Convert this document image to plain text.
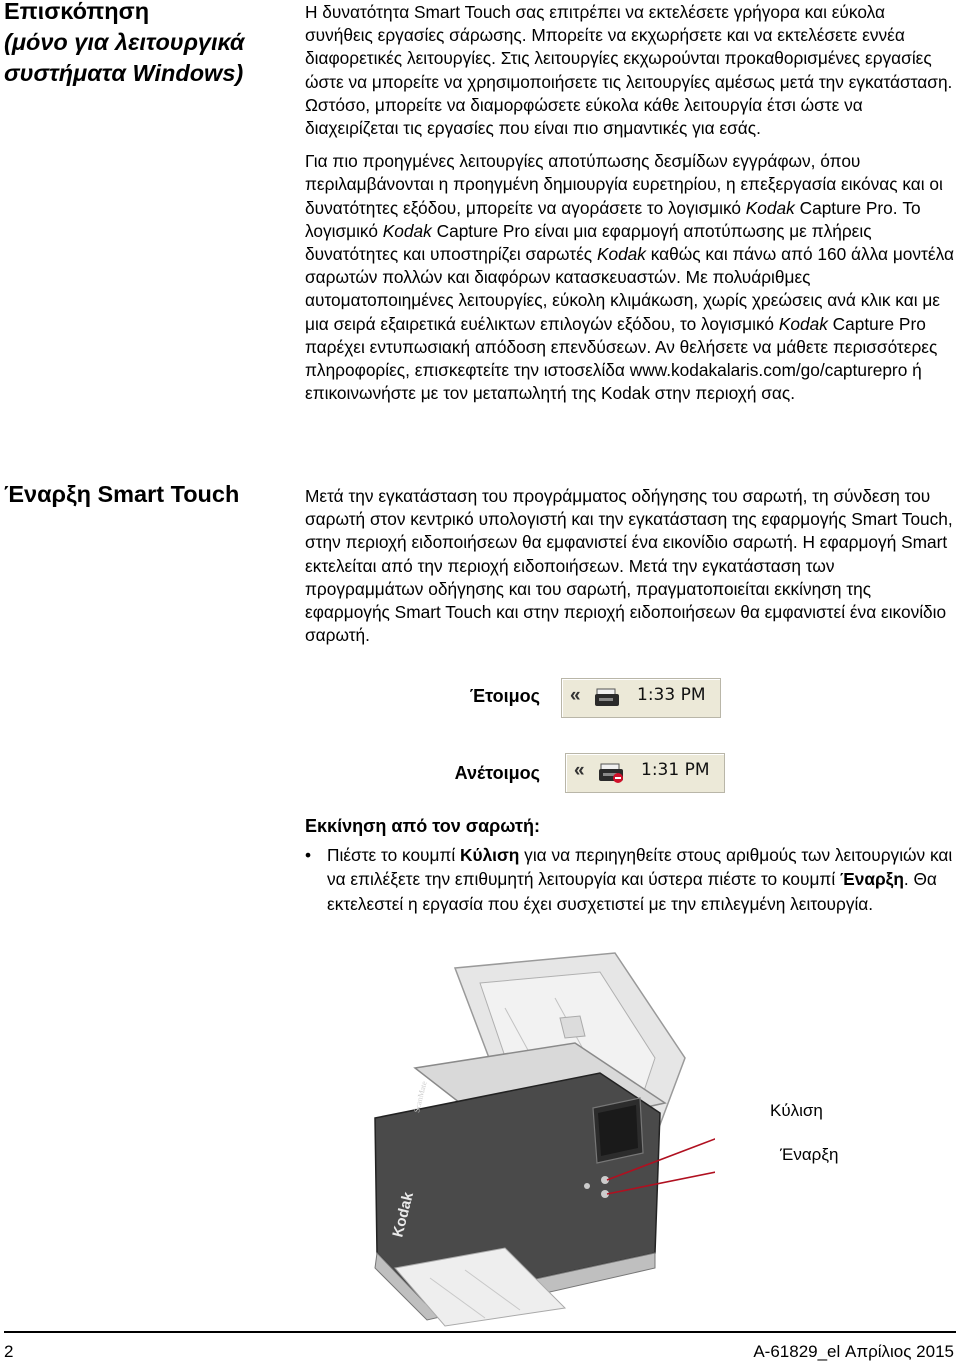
Επισκόπηση
(μόνο για λειτουργικά
συστήματα Windows)

Η δυνατότητα Smart Touch σας επιτρέπει να εκτελέσετε γρήγορα και εύκολα συνήθεις εργασίες σάρωσης. Μπορείτε να εκχωρήσετε και να εκτελέσετε εννέα διαφορετικές λειτουργίες. Στις λειτουργίες εκχωρούνται προκαθορισμένες εργασίες ώστε να μπορείτε να χρησιμοποιήσετε τις λειτουργίες αμέσως μετά την εγκατάσταση. Ωστόσο, μπορείτε να διαμορφώσετε εύκολα κάθε λειτουργία έτσι ώστε να διαχειρίζεται τις εργασίες που είναι πιο σημαντικές για εσάς.

Για πιο προηγμένες λειτουργίες αποτύπωσης δεσμίδων εγγράφων, όπου περιλαμβάνονται η προηγμένη δημιουργία ευρετηρίου, η επεξεργασία εικόνας και οι δυνατότητες εξόδου, μπορείτε να αγοράσετε το λογισμικό Kodak Capture Pro. Το λογισμικό Kodak Capture Pro είναι μια εφαρμογή αποτύπωσης με πλήρεις δυνατότητες και υποστηρίζει σαρωτές Kodak καθώς και πάνω από 160 άλλα μοντέλα σαρωτών πολλών και διαφόρων κατασκευαστών. Με πολυάριθμες αυτοματοποιημένες λειτουργίες, εύκολη κλιμάκωση, χωρίς χρεώσεις ανά κλικ και με μια σειρά εξαιρετικά ευέλικτων επιλογών εξόδου, το λογισμικό Kodak Capture Pro παρέχει εντυπωσιακή απόδοση επενδύσεων. Αν θελήσετε να μάθετε περισσότερες πληροφορίες, επισκεφτείτε την ιστοσελίδα www.kodakalaris.com/go/capturepro ή επικοινωνήστε με τον μεταπωλητή της Kodak στην περιοχή σας.

Έναρξη Smart Touch	Μετά την εγκατάσταση του προγράμματος οδήγησης του σαρωτή, τη σύνδεση του σαρωτή στον κεντρικό υπολογιστή και την εγκατάσταση της εφαρμογής Smart Touch, στην περιοχή ειδοποιήσεων θα εμφανιστεί ένα εικονίδιο σαρωτή. Η εφαρμογή Smart εκτελείται από την περιοχή ειδοποιήσεων. Μετά την εγκατάσταση των προγραμμάτων οδήγησης και του σαρωτή, πραγματοποιείται εκκίνηση της εφαρμογής Smart Touch και στην περιοχή ειδοποιήσεων θα εμφανιστεί ένα εικονίδιο σαρωτή.

Έτοιμος «	1:33 PM
Ανέτοιμος «	1:31 PM
Εκκίνηση από τον σαρωτή:
• Πιέστε το κουμπί Κύλιση για να περιηγηθείτε στους αριθμούς των λειτουργιών και να επιλέξετε την επιθυμητή λειτουργία και ύστερα πιέστε το κουμπί Έναρξη. Θα εκτελεστεί η εργασία που έχει συσχετιστεί με την επιλεγμένη λειτουργία.
Kodak
ScanMate	Κύλιση
Έναρξη
2	A-61829_el Απρίλιος 2015
